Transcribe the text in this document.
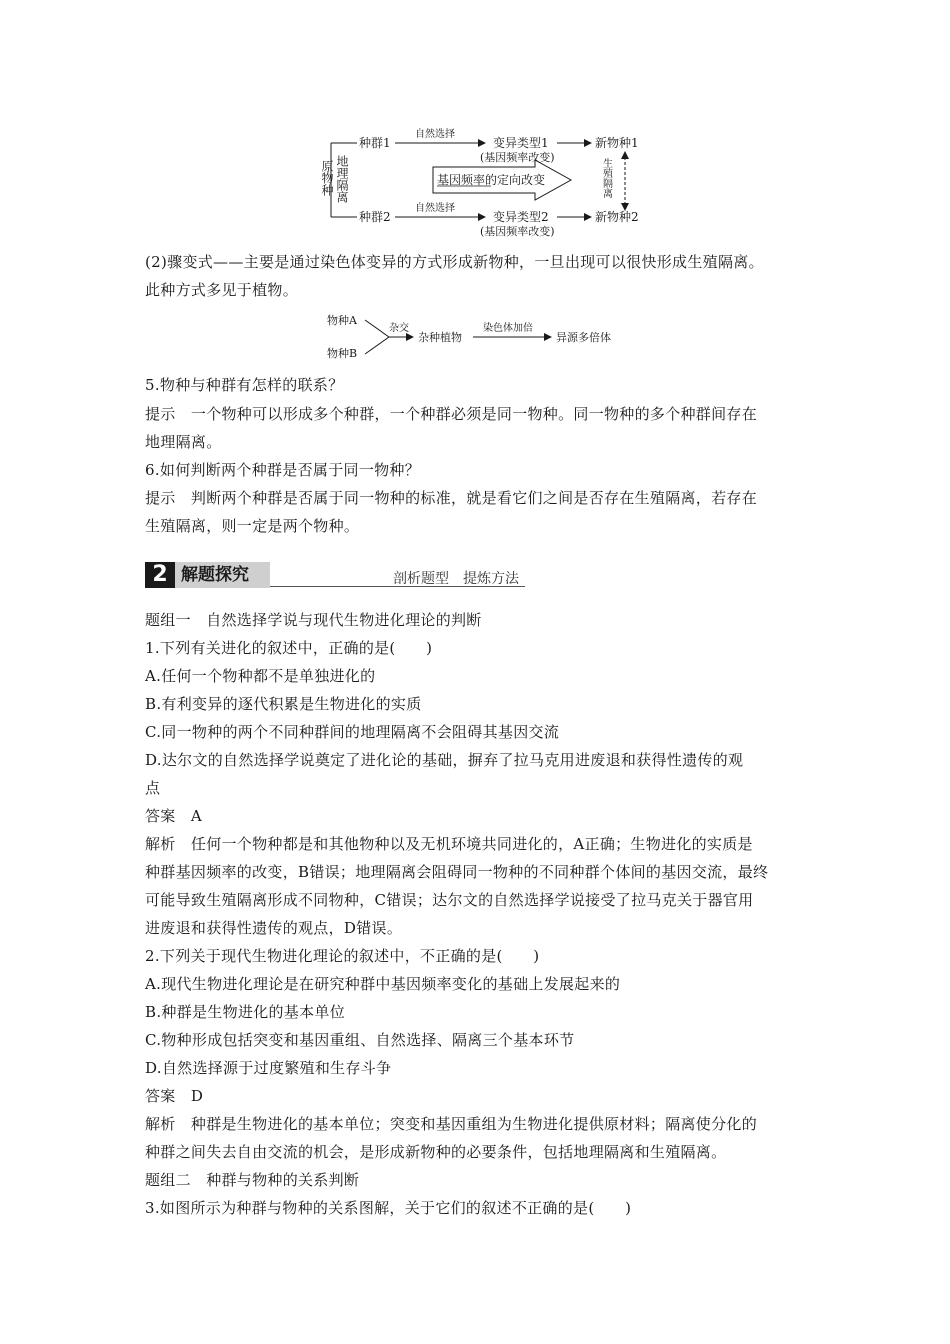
原物种 地理隔离
种群1
自然选择
变异类型1
(基因频率改变)
新物种1
基因频率的定向改变	生殖隔离
种群2
自然选择
变异类型2
(基因频率改变)
新物种2
(2)骤变式——主要是通过染色体变异的方式形成新物种，一旦出现可以很快形成生殖隔离。
此种方式多见于植物。
物种A
物种B
杂交
杂种植物
染色体加倍
异源多倍体
5.物种与种群有怎样的联系？
提示　一个物种可以形成多个种群，一个种群必须是同一物种。同一物种的多个种群间存在
地理隔离。
6.如何判断两个种群是否属于同一物种？
提示　判断两个种群是否属于同一物种的标准，就是看它们之间是否存在生殖隔离，若存在
生殖隔离，则一定是两个物种。
2 解题探究	剖析题型　提炼方法
题组一　自然选择学说与现代生物进化理论的判断
1.下列有关进化的叙述中，正确的是(　　)
A.任何一个物种都不是单独进化的
B.有利变异的逐代积累是生物进化的实质
C.同一物种的两个不同种群间的地理隔离不会阻碍其基因交流
D.达尔文的自然选择学说奠定了进化论的基础，摒弃了拉马克用进废退和获得性遗传的观
点
答案　A
解析　任何一个物种都是和其他物种以及无机环境共同进化的，A正确；生物进化的实质是
种群基因频率的改变，B错误；地理隔离会阻碍同一物种的不同种群个体间的基因交流，最终
可能导致生殖隔离形成不同物种，C错误；达尔文的自然选择学说接受了拉马克关于器官用
进废退和获得性遗传的观点，D错误。
2.下列关于现代生物进化理论的叙述中，不正确的是(　　)
A.现代生物进化理论是在研究种群中基因频率变化的基础上发展起来的
B.种群是生物进化的基本单位
C.物种形成包括突变和基因重组、自然选择、隔离三个基本环节
D.自然选择源于过度繁殖和生存斗争
答案　D
解析　种群是生物进化的基本单位；突变和基因重组为生物进化提供原材料；隔离使分化的
种群之间失去自由交流的机会，是形成新物种的必要条件，包括地理隔离和生殖隔离。
题组二　种群与物种的关系判断
3.如图所示为种群与物种的关系图解，关于它们的叙述不正确的是(　　)
